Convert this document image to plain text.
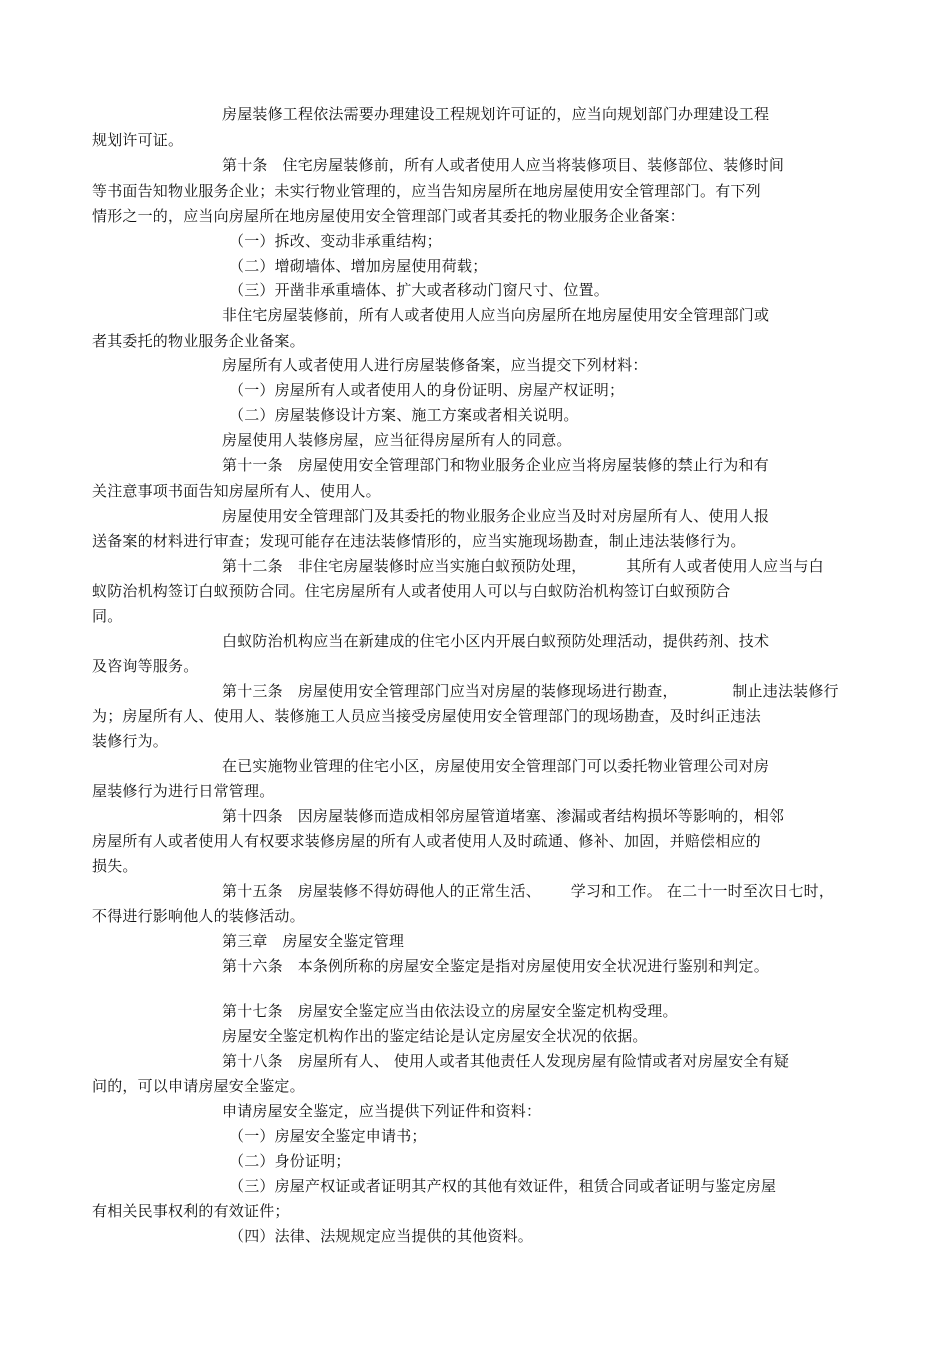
房屋装修工程依法需要办理建设工程规划许可证的，应当向规划部门办理建设工程
规划许可证。
第十条   住宅房屋装修前，所有人或者使用人应当将装修项目、装修部位、装修时间
等书面告知物业服务企业；未实行物业管理的，应当告知房屋所在地房屋使用安全管理部门。有下列
情形之一的，应当向房屋所在地房屋使用安全管理部门或者其委托的物业服务企业备案：
（一）拆改、变动非承重结构；
（二）增砌墙体、增加房屋使用荷载；
（三）开凿非承重墙体、扩大或者移动门窗尺寸、位置。
非住宅房屋装修前，所有人或者使用人应当向房屋所在地房屋使用安全管理部门或
者其委托的物业服务企业备案。
房屋所有人或者使用人进行房屋装修备案，应当提交下列材料：
（一）房屋所有人或者使用人的身份证明、房屋产权证明；
（二）房屋装修设计方案、施工方案或者相关说明。
房屋使用人装修房屋，应当征得房屋所有人的同意。
第十一条   房屋使用安全管理部门和物业服务企业应当将房屋装修的禁止行为和有
关注意事项书面告知房屋所有人、使用人。
房屋使用安全管理部门及其委托的物业服务企业应当及时对房屋所有人、使用人报
送备案的材料进行审查；发现可能存在违法装修情形的，应当实施现场勘查，制止违法装修行为。
第十二条   非住宅房屋装修时应当实施白蚁预防处理，        其所有人或者使用人应当与白
蚁防治机构签订白蚁预防合同。住宅房屋所有人或者使用人可以与白蚁防治机构签订白蚁预防合
同。
白蚁防治机构应当在新建成的住宅小区内开展白蚁预防处理活动，提供药剂、技术
及咨询等服务。
第十三条   房屋使用安全管理部门应当对房屋的装修现场进行勘查，           制止违法装修行
为；房屋所有人、使用人、装修施工人员应当接受房屋使用安全管理部门的现场勘查，及时纠正违法
装修行为。
在已实施物业管理的住宅小区，房屋使用安全管理部门可以委托物业管理公司对房
屋装修行为进行日常管理。
第十四条   因房屋装修而造成相邻房屋管道堵塞、渗漏或者结构损坏等影响的，相邻
房屋所有人或者使用人有权要求装修房屋的所有人或者使用人及时疏通、修补、加固，并赔偿相应的
损失。
第十五条   房屋装修不得妨碍他人的正常生活、      学习和工作。 在二十一时至次日七时，
不得进行影响他人的装修活动。
第三章   房屋安全鉴定管理
第十六条   本条例所称的房屋安全鉴定是指对房屋使用安全状况进行鉴别和判定。
第十七条   房屋安全鉴定应当由依法设立的房屋安全鉴定机构受理。
房屋安全鉴定机构作出的鉴定结论是认定房屋安全状况的依据。
第十八条   房屋所有人、 使用人或者其他责任人发现房屋有险情或者对房屋安全有疑
问的，可以申请房屋安全鉴定。
申请房屋安全鉴定，应当提供下列证件和资料：
（一）房屋安全鉴定申请书；
（二）身份证明；
（三）房屋产权证或者证明其产权的其他有效证件，租赁合同或者证明与鉴定房屋
有相关民事权利的有效证件；
（四）法律、法规规定应当提供的其他资料。
